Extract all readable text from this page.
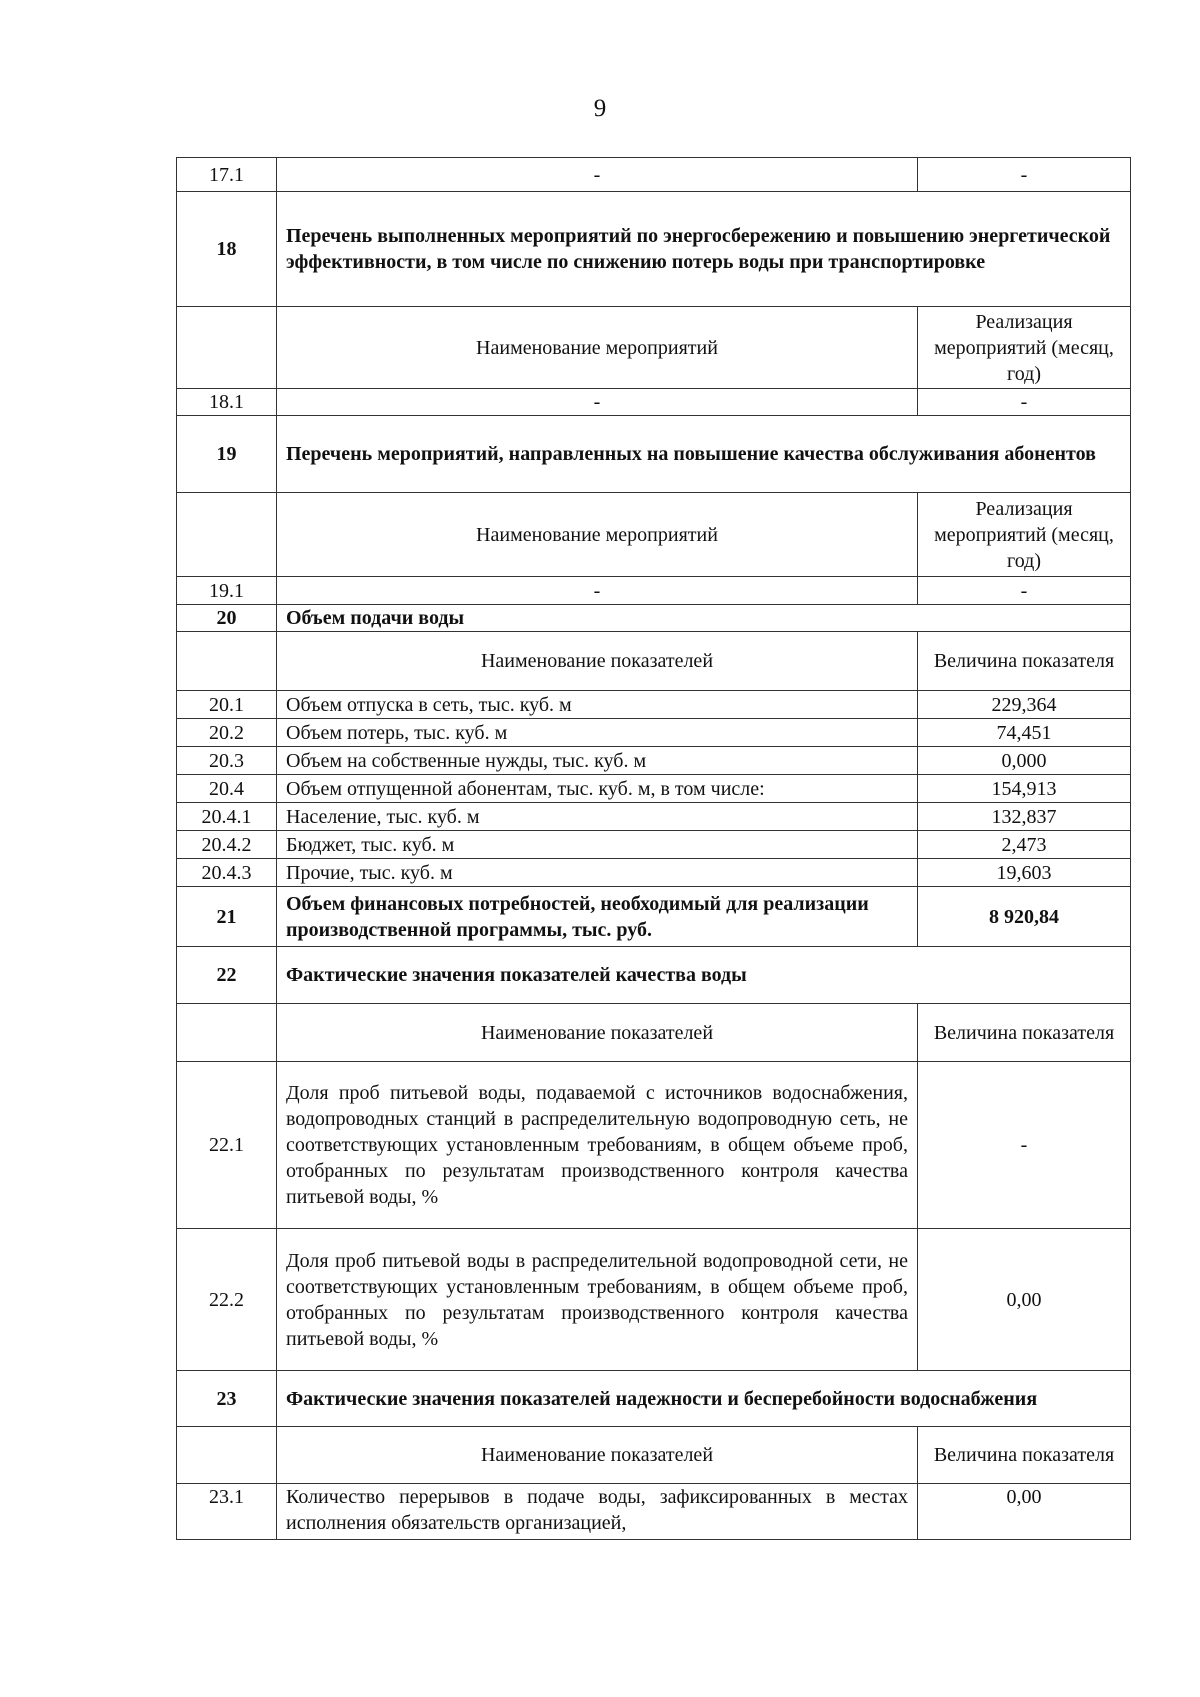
9
17.1	-	-
18	Перечень выполненных мероприятий по энергосбережению и повышению энергетической эффективности, в том числе по снижению потерь воды при транспортировке	
	Наименование мероприятий	Реализация мероприятий (месяц, год)
18.1	-	-
19	Перечень мероприятий, направленных на повышение качества обслуживания абонентов	
	Наименование мероприятий	Реализация мероприятий (месяц, год)
19.1	-	-
20	Объем подачи воды	
	Наименование показателей	Величина показателя
20.1	Объем отпуска в сеть, тыс. куб. м	229,364
20.2	Объем потерь, тыс. куб. м	74,451
20.3	Объем на собственные нужды, тыс. куб. м	0,000
20.4	Объем отпущенной абонентам, тыс. куб. м, в том числе:	154,913
20.4.1	Население, тыс. куб. м	132,837
20.4.2	Бюджет, тыс. куб. м	2,473
20.4.3	Прочие, тыс. куб. м	19,603
21	Объем финансовых потребностей, необходимый для реализации производственной программы, тыс. руб.	8 920,84
22	Фактические значения показателей качества воды	
	Наименование показателей	Величина показателя
22.1	Доля проб питьевой воды, подаваемой с источников водоснабжения, водопроводных станций в распределительную водопроводную сеть, не соответствующих установленным требованиям, в общем объеме проб, отобранных по результатам производственного контроля качества питьевой воды, %	-
22.2	Доля проб питьевой воды в распределительной водопроводной сети, не соответствующих установленным требованиям, в общем объеме проб, отобранных по результатам производственного контроля качества питьевой воды, %	0,00
23	Фактические значения показателей надежности и бесперебойности водоснабжения	
	Наименование показателей	Величина показателя
23.1	Количество перерывов в подаче воды, зафиксированных в местах исполнения обязательств организацией,	0,00
